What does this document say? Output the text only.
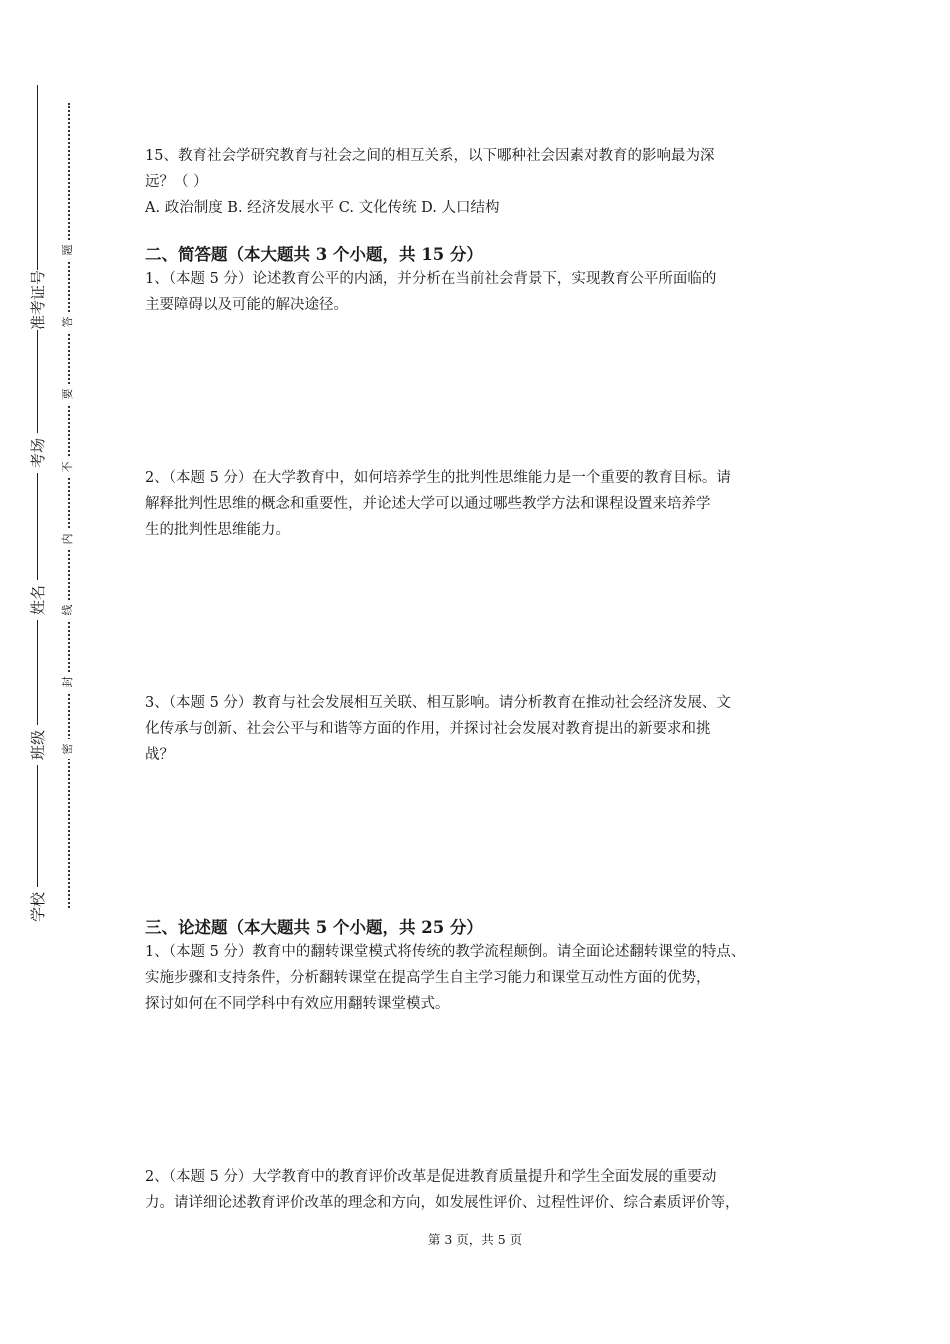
学校
班级
姓名
考场
准考证号
密
封
线
内
不
要
答
题

15、教育社会学研究教育与社会之间的相互关系，以下哪种社会因素对教育的影响最为深

远？（ ）

A. 政治制度 B. 经济发展水平 C. 文化传统 D. 人口结构

二、简答题（本大题共 3 个小题，共 15 分）

1、（本题 5 分）论述教育公平的内涵，并分析在当前社会背景下，实现教育公平所面临的

主要障碍以及可能的解决途径。

2、（本题 5 分）在大学教育中，如何培养学生的批判性思维能力是一个重要的教育目标。请

解释批判性思维的概念和重要性，并论述大学可以通过哪些教学方法和课程设置来培养学

生的批判性思维能力。

3、（本题 5 分）教育与社会发展相互关联、相互影响。请分析教育在推动社会经济发展、文

化传承与创新、社会公平与和谐等方面的作用，并探讨社会发展对教育提出的新要求和挑

战？

三、论述题（本大题共 5 个小题，共 25 分）

1、（本题 5 分）教育中的翻转课堂模式将传统的教学流程颠倒。请全面论述翻转课堂的特点、

实施步骤和支持条件，分析翻转课堂在提高学生自主学习能力和课堂互动性方面的优势，

探讨如何在不同学科中有效应用翻转课堂模式。

2、（本题 5 分）大学教育中的教育评价改革是促进教育质量提升和学生全面发展的重要动

力。请详细论述教育评价改革的理念和方向，如发展性评价、过程性评价、综合素质评价等，

第 3 页，共 5 页
